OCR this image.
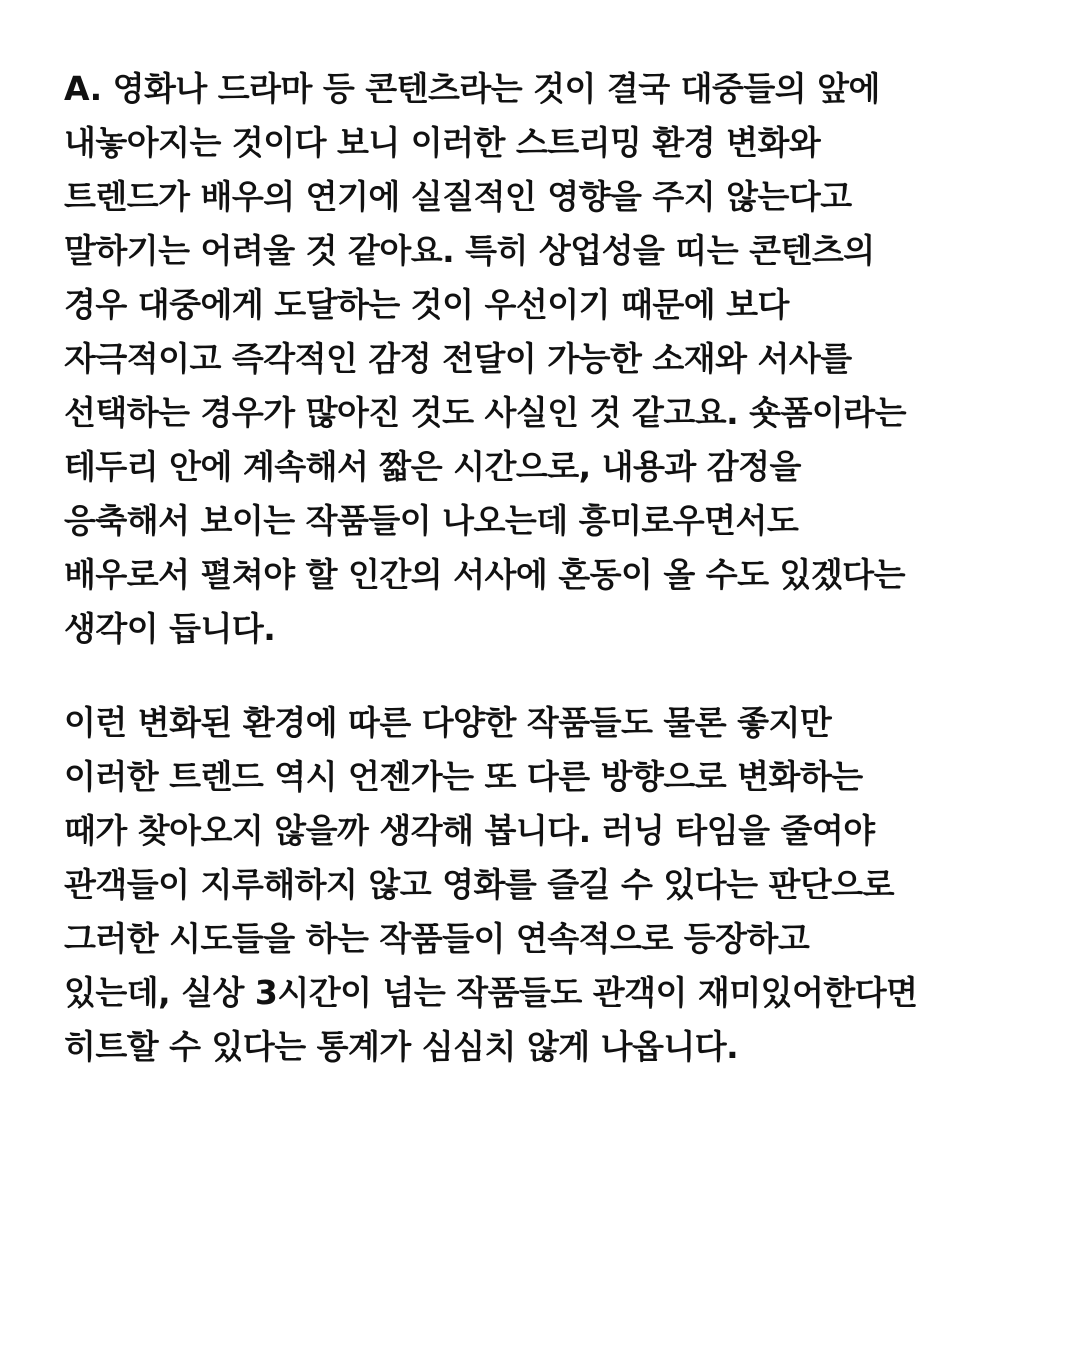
A. 영화나 드라마 등 콘텐츠라는 것이 결국 대중들의 앞에
내놓아지는 것이다 보니 이러한 스트리밍 환경 변화와
트렌드가 배우의 연기에 실질적인 영향을 주지 않는다고
말하기는 어려울 것 같아요. 특히 상업성을 띠는 콘텐츠의
경우 대중에게 도달하는 것이 우선이기 때문에 보다
자극적이고 즉각적인 감정 전달이 가능한 소재와 서사를
선택하는 경우가 많아진 것도 사실인 것 같고요. 숏폼이라는
테두리 안에 계속해서 짧은 시간으로, 내용과 감정을
응축해서 보이는 작품들이 나오는데 흥미로우면서도
배우로서 펼쳐야 할 인간의 서사에 혼동이 올 수도 있겠다는
생각이 듭니다.

이런 변화된 환경에 따른 다양한 작품들도 물론 좋지만
이러한 트렌드 역시 언젠가는 또 다른 방향으로 변화하는
때가 찾아오지 않을까 생각해 봅니다. 러닝 타임을 줄여야
관객들이 지루해하지 않고 영화를 즐길 수 있다는 판단으로
그러한 시도들을 하는 작품들이 연속적으로 등장하고
있는데, 실상 3시간이 넘는 작품들도 관객이 재미있어한다면
히트할 수 있다는 통계가 심심치 않게 나옵니다.
